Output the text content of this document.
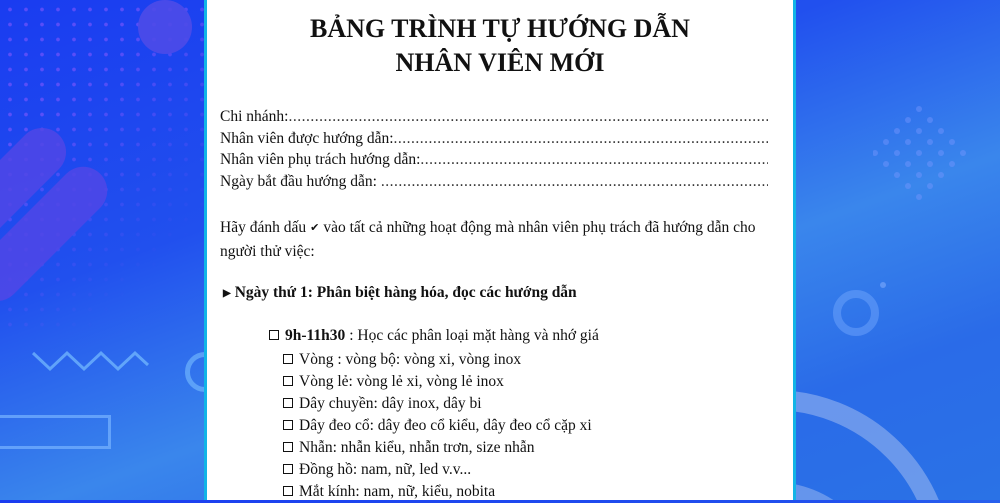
BẢNG TRÌNH TỰ HƯỚNG DẪN
NHÂN VIÊN MỚI
Chi nhánh:
.....
Nhân viên được hướng dẫn:
.....
Nhân viên phụ trách hướng dẫn:
.....
Ngày bắt đầu hướng dẫn:
.....
Hãy đánh dấu ✔ vào tất cả những hoạt động mà nhân viên phụ trách đã hướng dẫn cho người thử việc:
▶ Ngày thứ 1: Phân biệt hàng hóa, đọc các hướng dẫn
9h-11h30 : Học các phân loại mặt hàng và nhớ giá
Vòng : vòng bộ: vòng xi, vòng inox
Vòng lẻ: vòng lẻ xi, vòng lẻ inox
Dây chuyền: dây inox, dây bi
Dây đeo cổ: dây đeo cổ kiểu, dây đeo cổ cặp xi
Nhẫn: nhẫn kiểu, nhẫn trơn, size nhẫn
Đồng hồ: nam, nữ, led v.v...
Mắt kính: nam, nữ, kiểu, nobita
